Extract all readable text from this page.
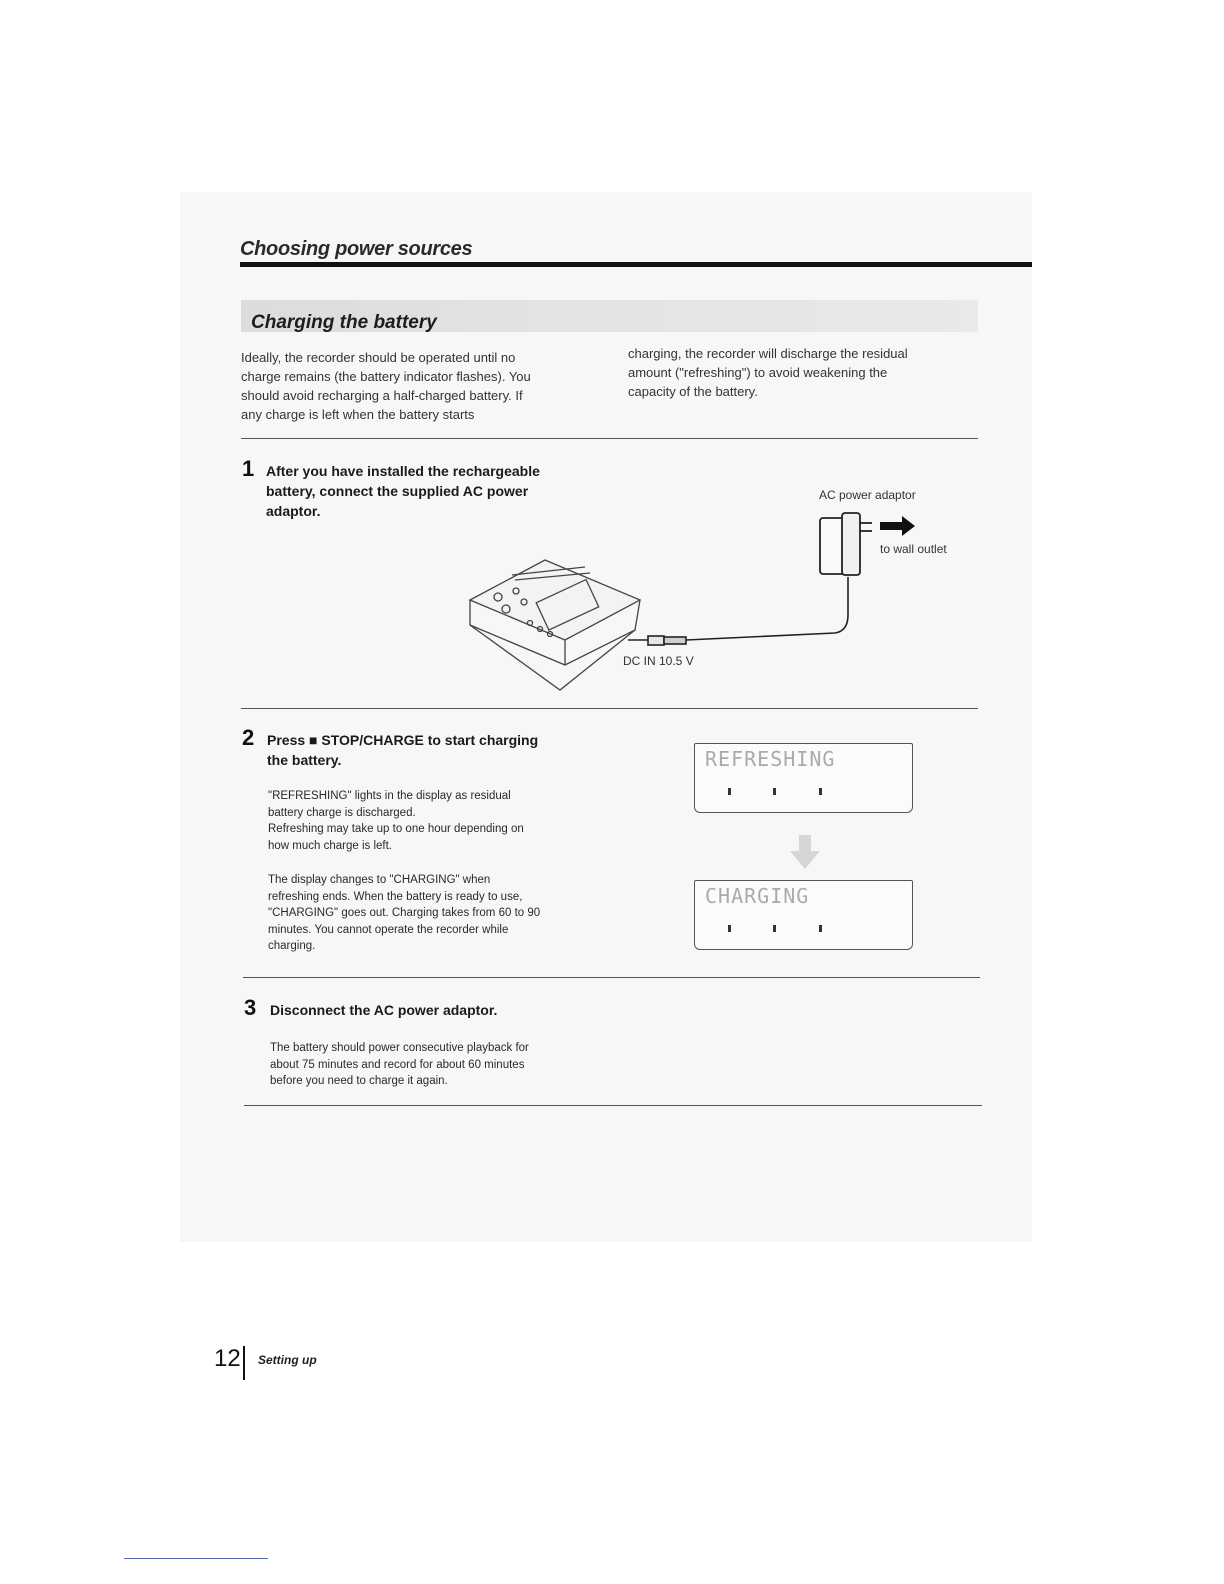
Choosing power sources
Charging the battery
Ideally, the recorder should be operated until no
charge remains (the battery indicator flashes). You
should avoid recharging a half-charged battery. If
any charge is left when the battery starts
charging, the recorder will discharge the residual
amount ("refreshing") to avoid weakening the
capacity of the battery.
1 After you have installed the rechargeable
battery, connect the supplied AC power
adaptor.
AC power adaptor
to wall outlet
DC IN 10.5 V
2 Press ■ STOP/CHARGE to start charging
the battery.
"REFRESHING" lights in the display as residual
battery charge is discharged.
Refreshing may take up to one hour depending on
how much charge is left.
The display changes to "CHARGING" when
refreshing ends. When the battery is ready to use,
"CHARGING" goes out. Charging takes from 60 to 90
minutes. You cannot operate the recorder while
charging.
REFRESHING
CHARGING
3 Disconnect the AC power adaptor.
The battery should power consecutive playback for
about 75 minutes and record for about 60 minutes
before you need to charge it again.
12 Setting up
